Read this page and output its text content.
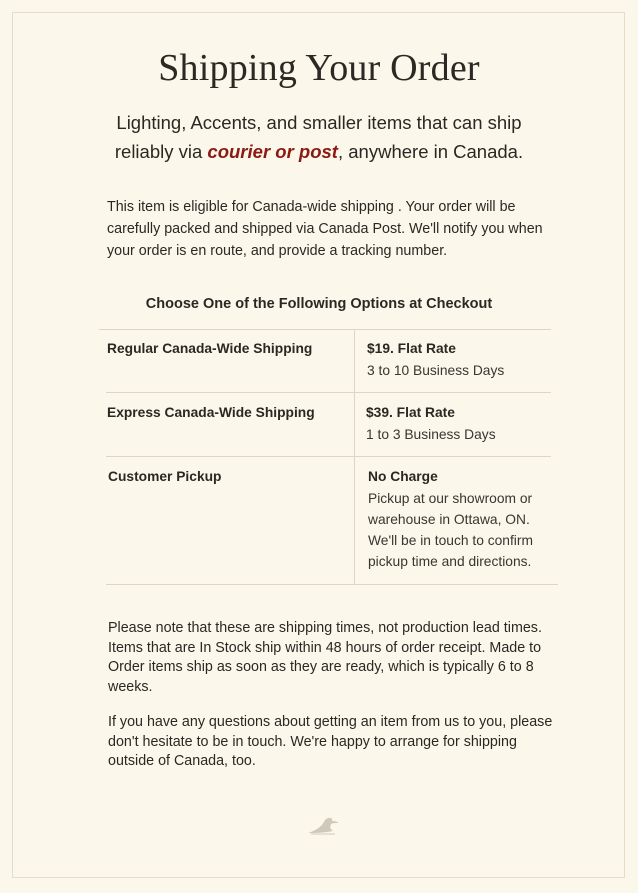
Shipping Your Order
Lighting, Accents, and smaller items that can ship reliably via courier or post, anywhere in Canada.
This item is eligible for Canada-wide shipping . Your order will be carefully packed and shipped via Canada Post. We'll notify you when your order is en route, and provide a tracking number.
Choose One of the Following Options at Checkout
Regular Canada-Wide Shipping	$19. Flat Rate
3 to 10 Business Days
Express Canada-Wide Shipping	$39. Flat Rate
1 to 3 Business Days
Customer Pickup	No Charge
Pickup at our showroom or
warehouse in Ottawa, ON.
We'll be in touch to confirm
pickup time and directions.
Please note that these are shipping times, not production lead times. Items that are In Stock ship within 48 hours of order receipt. Made to Order items ship as soon as they are ready, which is typically 6 to 8 weeks.
If you have any questions about getting an item from us to you, please don't hesitate to be in touch. We're happy to arrange for shipping outside of Canada, too.
